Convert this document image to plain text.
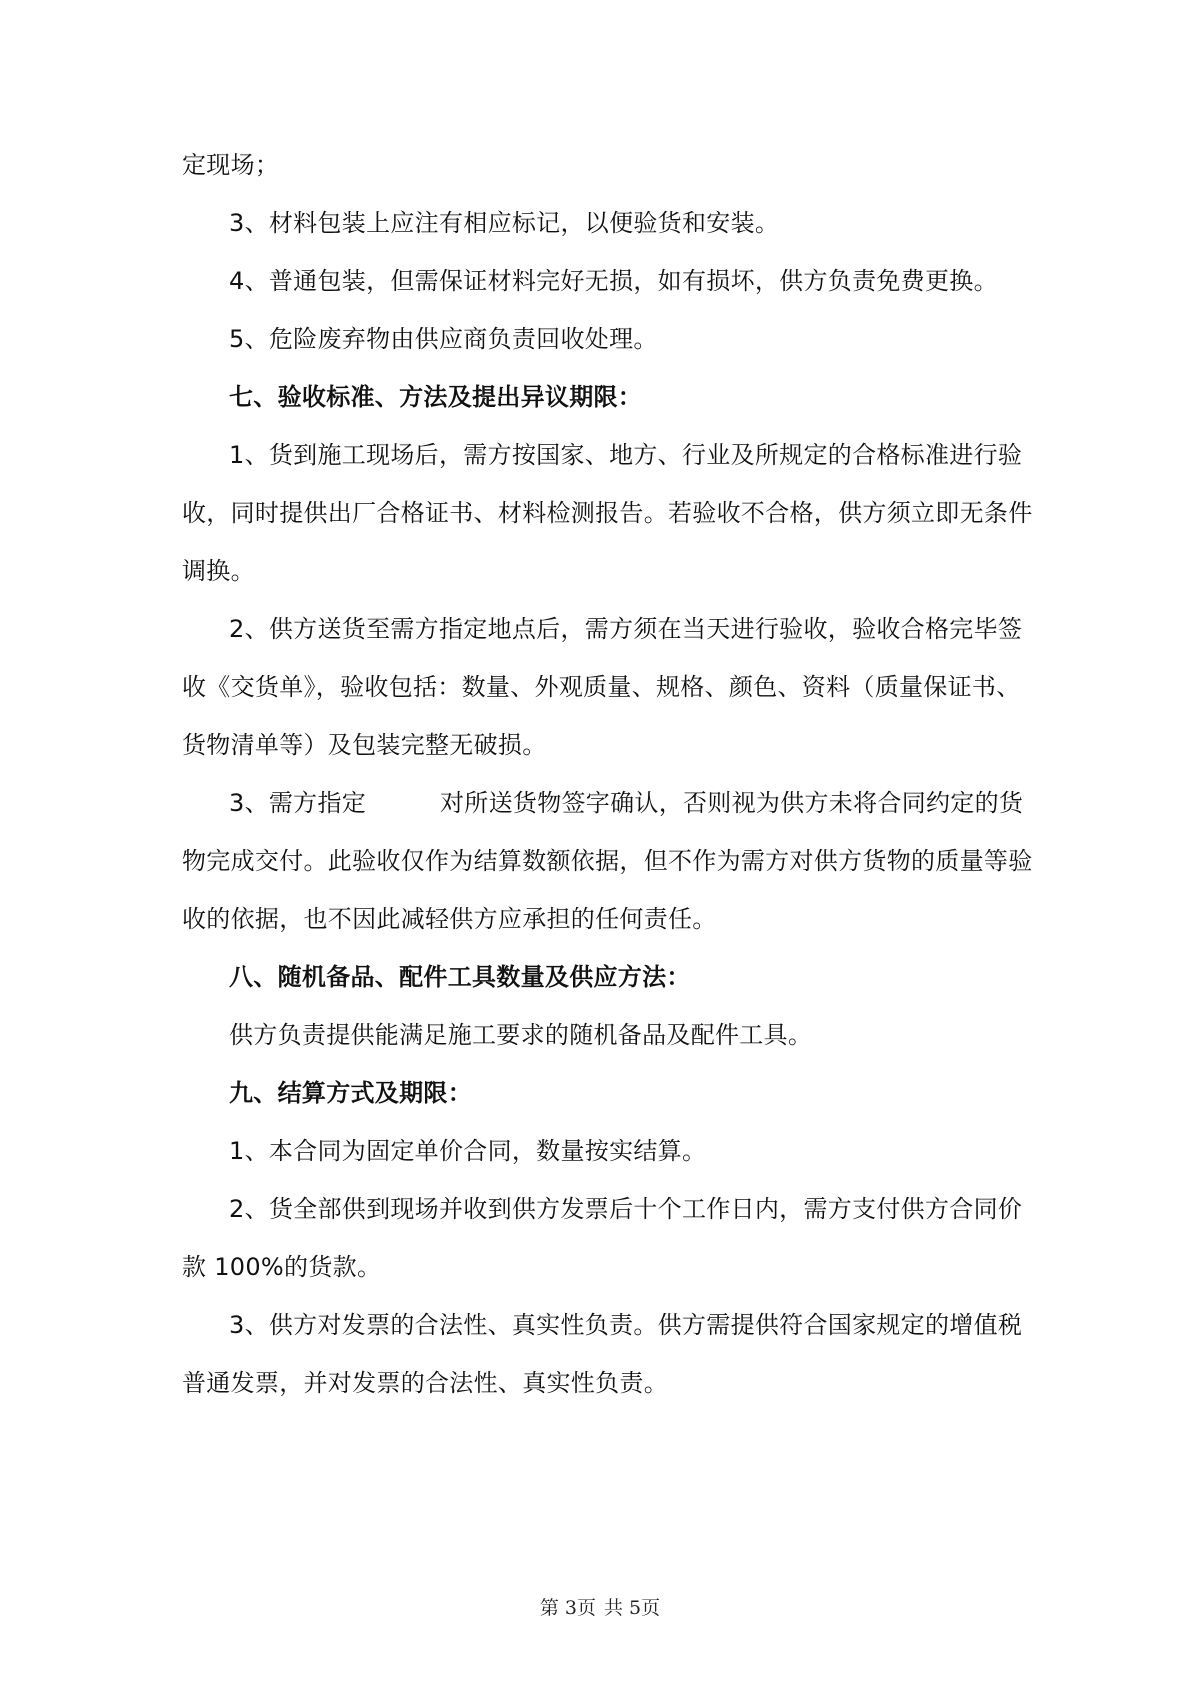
定现场；
3、材料包装上应注有相应标记，以便验货和安装。
4、普通包装，但需保证材料完好无损，如有损坏，供方负责免费更换。
5、危险废弃物由供应商负责回收处理。
七、验收标准、方法及提出异议期限：
1、货到施工现场后，需方按国家、地方、行业及所规定的合格标准进行验
收，同时提供出厂合格证书、材料检测报告。若验收不合格，供方须立即无条件
调换。
2、供方送货至需方指定地点后，需方须在当天进行验收，验收合格完毕签
收《交货单》，验收包括：数量、外观质量、规格、颜色、资料（质量保证书、
货物清单等）及包装完整无破损。
3、需方指定	对所送货物签字确认，否则视为供方未将合同约定的货
物完成交付。此验收仅作为结算数额依据，但不作为需方对供方货物的质量等验
收的依据，也不因此减轻供方应承担的任何责任。
八、随机备品、配件工具数量及供应方法：
供方负责提供能满足施工要求的随机备品及配件工具。
九、结算方式及期限：
1、本合同为固定单价合同，数量按实结算。
2、货全部供到现场并收到供方发票后十个工作日内，需方支付供方合同价
款 100%的货款。
3、供方对发票的合法性、真实性负责。供方需提供符合国家规定的增值税
普通发票，并对发票的合法性、真实性负责。
第 3页 共 5页
